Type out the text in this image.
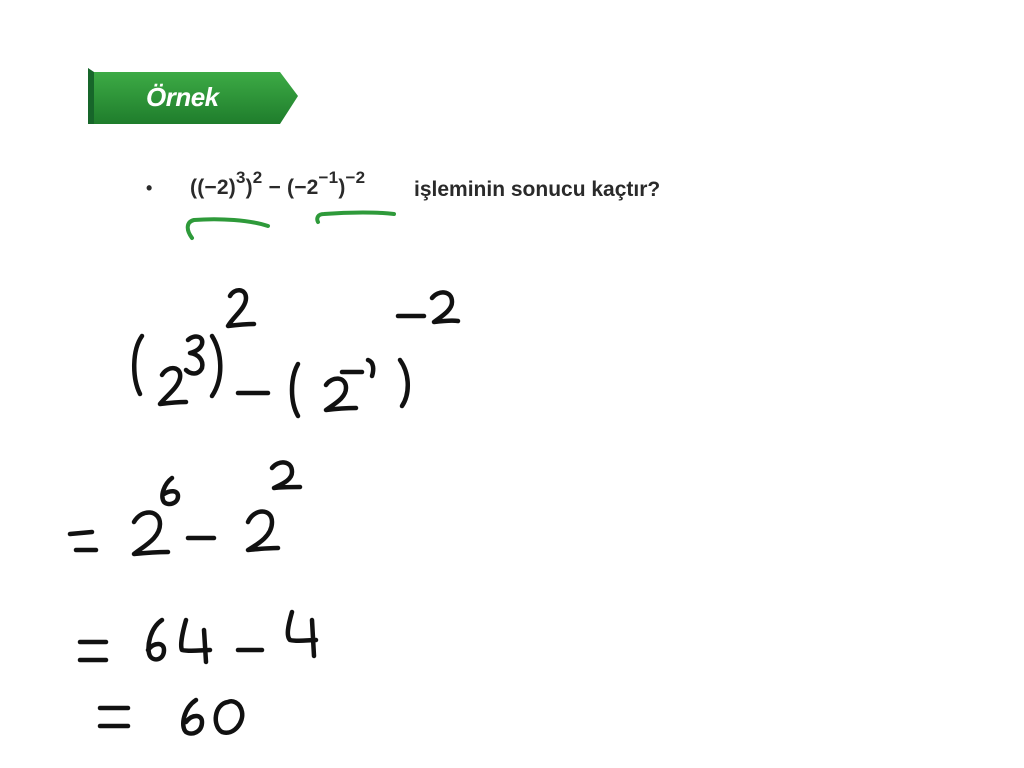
Örnek
• $((-2)^3)^2 - (-2^{-1})^{-2}$
işleminin sonucu kaçtır?
